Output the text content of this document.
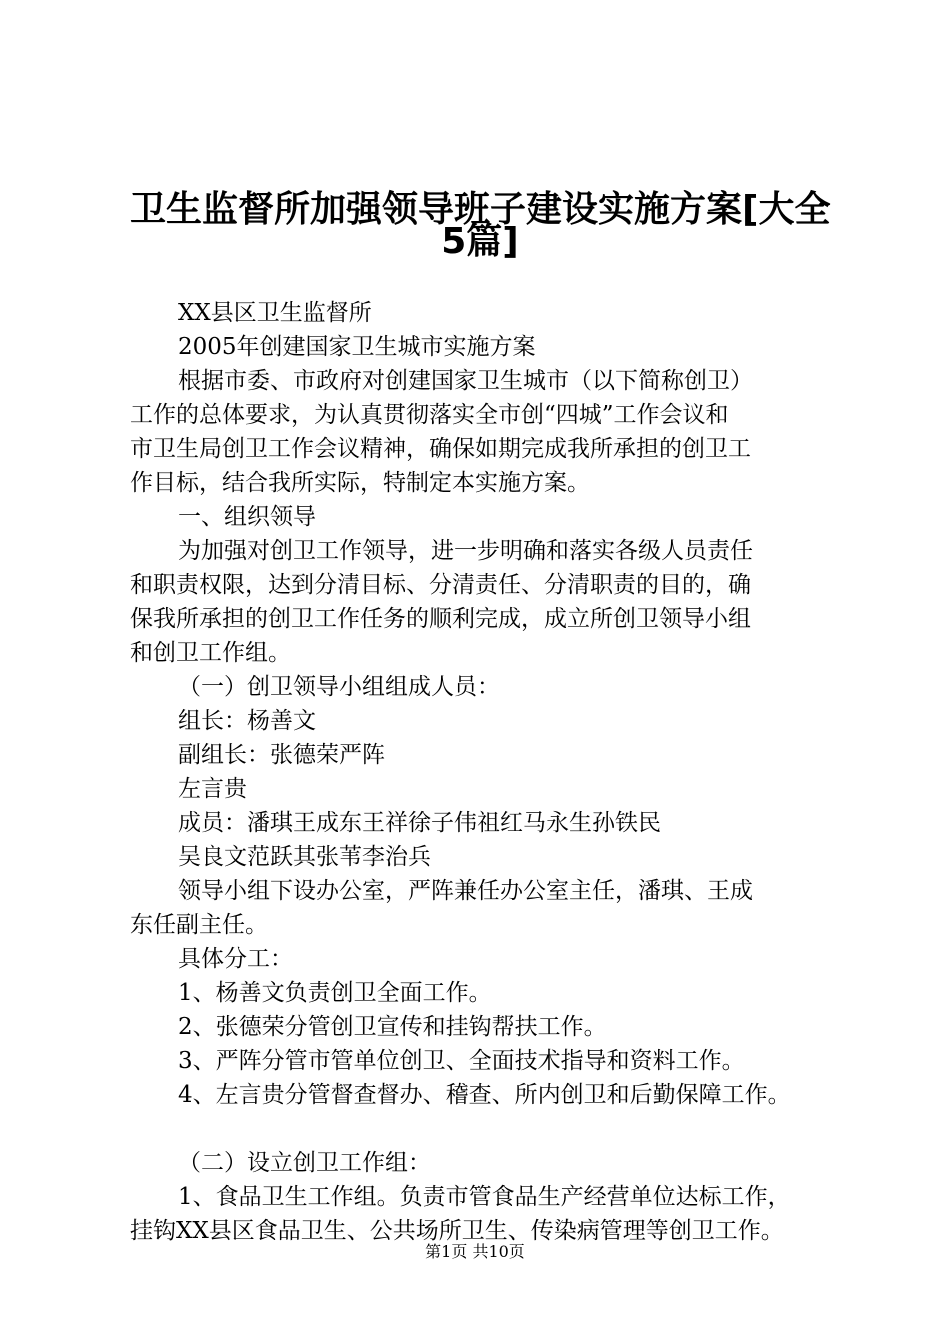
卫生监督所加强领导班子建设实施方案[大全
5篇]
XX县区卫生监督所
2005年创建国家卫生城市实施方案
根据市委、市政府对创建国家卫生城市（以下简称创卫）
工作的总体要求，为认真贯彻落实全市创“四城”工作会议和
市卫生局创卫工作会议精神，确保如期完成我所承担的创卫工
作目标，结合我所实际，特制定本实施方案。
一、组织领导
为加强对创卫工作领导，进一步明确和落实各级人员责任
和职责权限，达到分清目标、分清责任、分清职责的目的，确
保我所承担的创卫工作任务的顺利完成，成立所创卫领导小组
和创卫工作组。
（一）创卫领导小组组成人员：
组长：杨善文
副组长：张德荣严阵
左言贵
成员：潘琪王成东王祥徐子伟祖红马永生孙铁民
吴良文范跃其张苇李治兵
领导小组下设办公室，严阵兼任办公室主任，潘琪、王成
东任副主任。
具体分工：
1、杨善文负责创卫全面工作。
2、张德荣分管创卫宣传和挂钩帮扶工作。
3、严阵分管市管单位创卫、全面技术指导和资料工作。
4、左言贵分管督查督办、稽查、所内创卫和后勤保障工作。
（二）设立创卫工作组：
1、食品卫生工作组。负责市管食品生产经营单位达标工作，
挂钩XX县区食品卫生、公共场所卫生、传染病管理等创卫工作。
第1页 共10页
